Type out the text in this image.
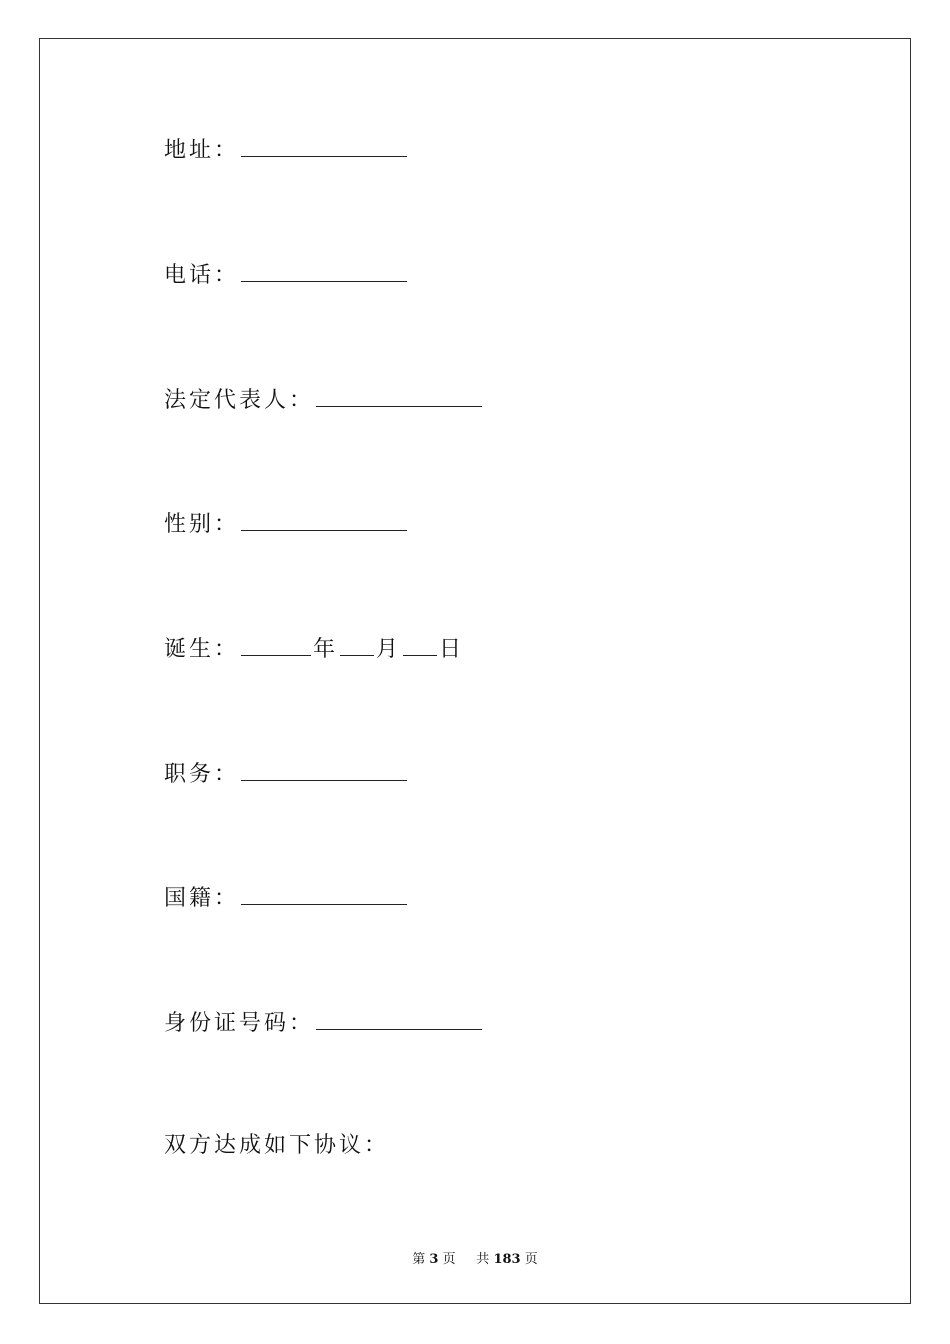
地址：
电话：
法定代表人：
性别：
诞生：	年 月 日
职务：
国籍：
身份证号码：
双方达成如下协议：
第 3 页 共 183 页
